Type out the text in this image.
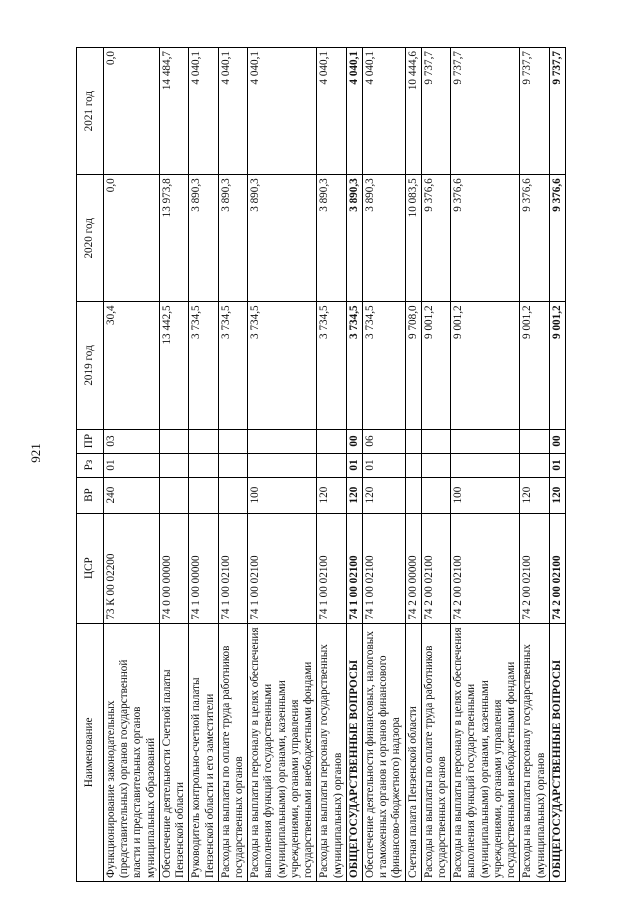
921
Наименование	ЦСР	ВР	Рз	ПР	2019 год	2020 год	2021 год
Функционирование законодательных (представительных) органов государственной власти и представительных органов муниципальных образований	73 К 00 02200	240	01	03	30,4	0,0	0,0
Обеспечение деятельности Счетной палаты Пензенской области	74 0 00 00000				13 442,5	13 973,8	14 484,7
Руководитель контрольно-счетной палаты Пензенской области и его заместители	74 1 00 00000				3 734,5	3 890,3	4 040,1
Расходы на выплаты по оплате труда работников государственных органов	74 1 00 02100				3 734,5	3 890,3	4 040,1
Расходы на выплаты персоналу в целях обеспечения выполнения функций государственными (муниципальными) органами, казенными учреждениями, органами управления государственными внебюджетными фондами	74 1 00 02100	100			3 734,5	3 890,3	4 040,1
Расходы на выплаты персоналу государственных (муниципальных) органов	74 1 00 02100	120			3 734,5	3 890,3	4 040,1
ОБЩЕГОСУДАРСТВЕННЫЕ ВОПРОСЫ	74 1 00 02100	120	01	00	3 734,5	3 890,3	4 040,1
Обеспечение деятельности финансовых, налоговых и таможенных органов и органов финансового (финансово-бюджетного) надзора	74 1 00 02100	120	01	06	3 734,5	3 890,3	4 040,1
Счетная палата Пензенской области	74 2 00 00000				9 708,0	10 083,5	10 444,6
Расходы на выплаты по оплате труда работников государственных органов	74 2 00 02100				9 001,2	9 376,6	9 737,7
Расходы на выплаты персоналу в целях обеспечения выполнения функций государственными (муниципальными) органами, казенными учреждениями, органами управления государственными внебюджетными фондами	74 2 00 02100	100			9 001,2	9 376,6	9 737,7
Расходы на выплаты персоналу государственных (муниципальных) органов	74 2 00 02100	120			9 001,2	9 376,6	9 737,7
ОБЩЕГОСУДАРСТВЕННЫЕ ВОПРОСЫ	74 2 00 02100	120	01	00	9 001,2	9 376,6	9 737,7
